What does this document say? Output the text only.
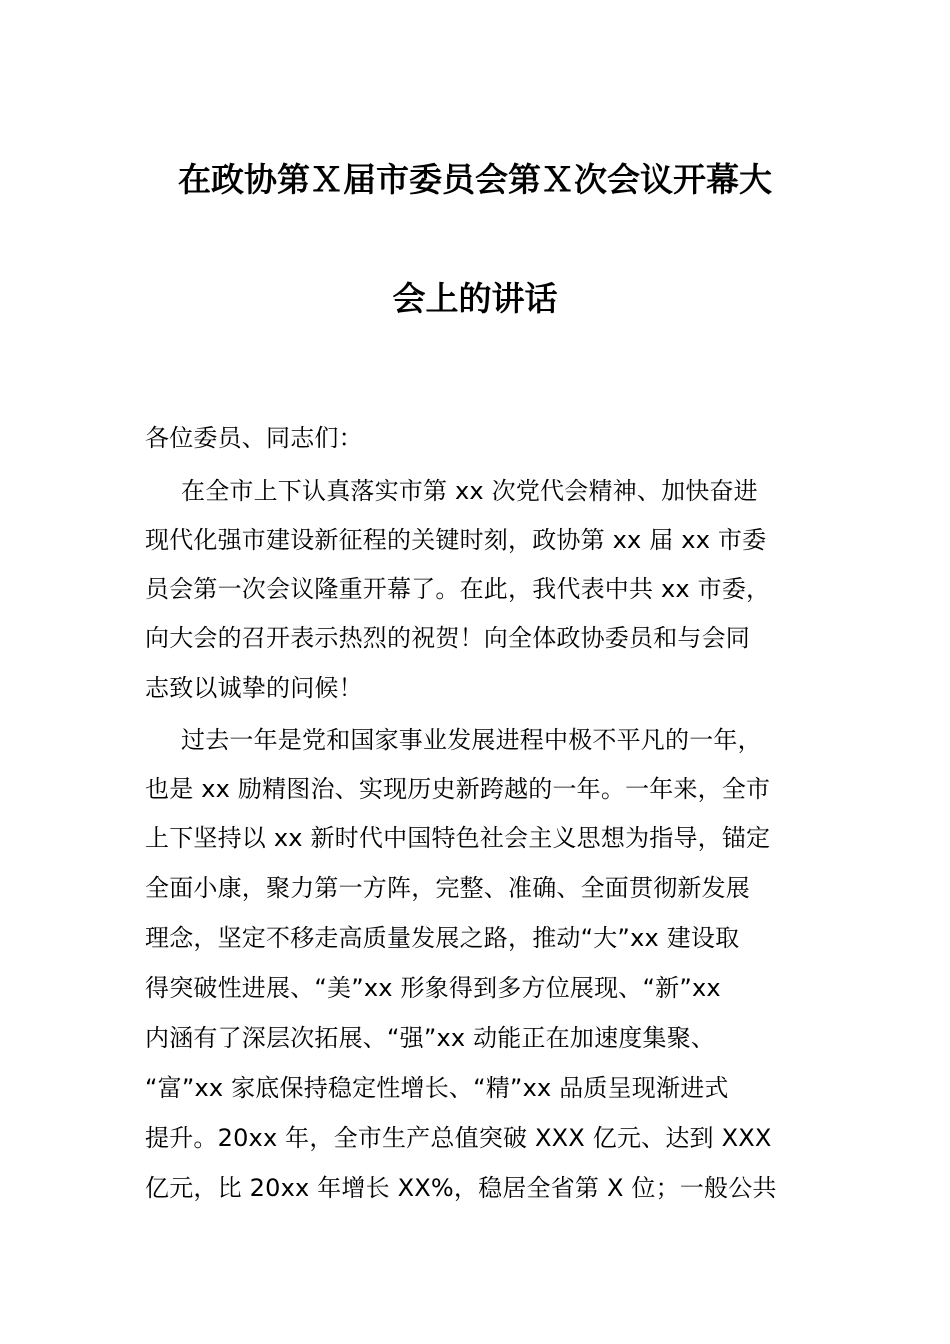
在政协第Ｘ届市委员会第Ｘ次会议开幕大
会上的讲话
各位委员、同志们：
在全市上下认真落实市第 xx 次党代会精神、加快奋进
现代化强市建设新征程的关键时刻，政协第 xx 届 xx 市委
员会第一次会议隆重开幕了。在此，我代表中共 xx 市委，
向大会的召开表示热烈的祝贺！向全体政协委员和与会同
志致以诚挚的问候！
过去一年是党和国家事业发展进程中极不平凡的一年，
也是 xx 励精图治、实现历史新跨越的一年。一年来，全市
上下坚持以 xx 新时代中国特色社会主义思想为指导，锚定
全面小康，聚力第一方阵，完整、准确、全面贯彻新发展
理念，坚定不移走高质量发展之路，推动“大”xx 建设取
得突破性进展、“美”xx 形象得到多方位展现、“新”xx
内涵有了深层次拓展、“强”xx 动能正在加速度集聚、
“富”xx 家底保持稳定性增长、“精”xx 品质呈现渐进式
提升。20xx 年，全市生产总值突破 XXX 亿元、达到 XXX
亿元，比 20xx 年增长 XX%，稳居全省第 X 位；一般公共
